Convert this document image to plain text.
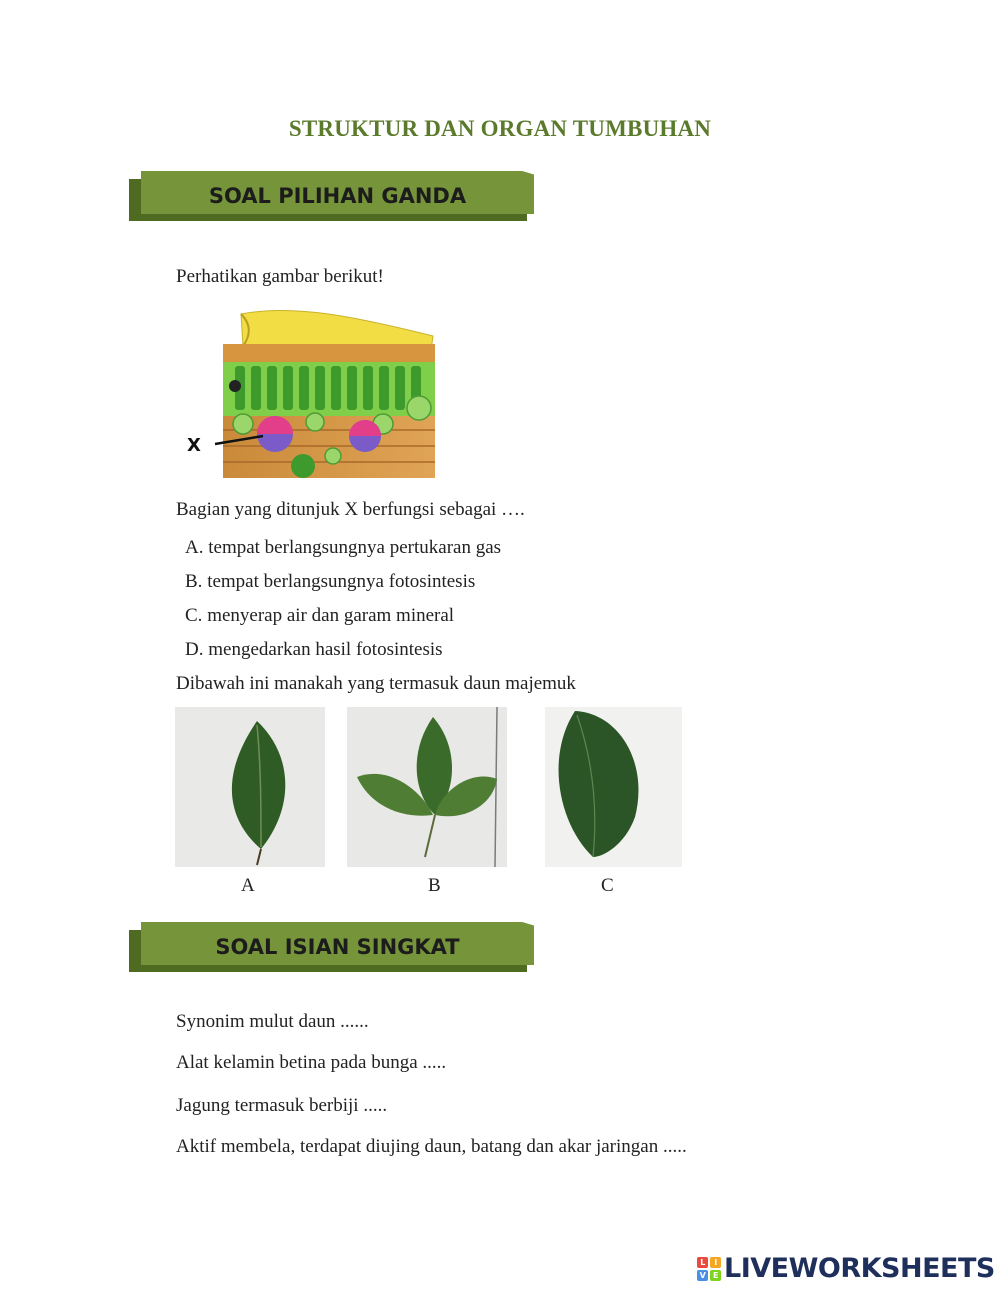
STRUKTUR DAN ORGAN TUMBUHAN
SOAL PILIHAN GANDA
Perhatikan gambar berikut!
X
Bagian yang ditunjuk X berfungsi sebagai ….
A. tempat berlangsungnya pertukaran gas
B. tempat berlangsungnya fotosintesis
C. menyerap air dan garam mineral
D. mengedarkan hasil fotosintesis
Dibawah ini manakah yang termasuk daun majemuk
A	B	C
SOAL ISIAN SINGKAT
Synonim mulut daun ......
Alat kelamin betina pada bunga .....
Jagung termasuk berbiji .....
Aktif membela, terdapat diujing daun, batang dan akar jaringan .....
L	I
V E LIVEWORKSHEETS
